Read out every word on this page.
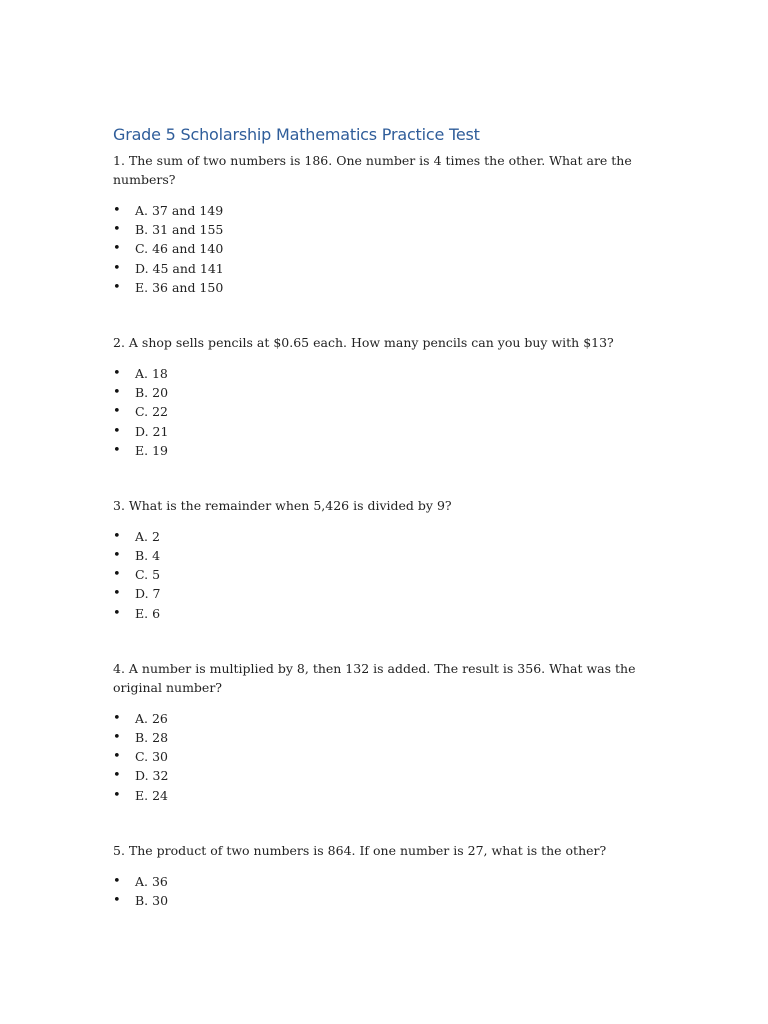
Grade 5 Scholarship Mathematics Practice Test

1. The sum of two numbers is 186. One number is 4 times the other. What are the numbers?

• A. 37 and 149
• B. 31 and 155
• C. 46 and 140
• D. 45 and 141
• E. 36 and 150

2. A shop sells pencils at $0.65 each. How many pencils can you buy with $13?

• A. 18
• B. 20
• C. 22
• D. 21
• E. 19

3. What is the remainder when 5,426 is divided by 9?

• A. 2
• B. 4
• C. 5
• D. 7
• E. 6

4. A number is multiplied by 8, then 132 is added. The result is 356. What was the original number?

• A. 26
• B. 28
• C. 30
• D. 32
• E. 24

5. The product of two numbers is 864. If one number is 27, what is the other?

• A. 36
• B. 30
